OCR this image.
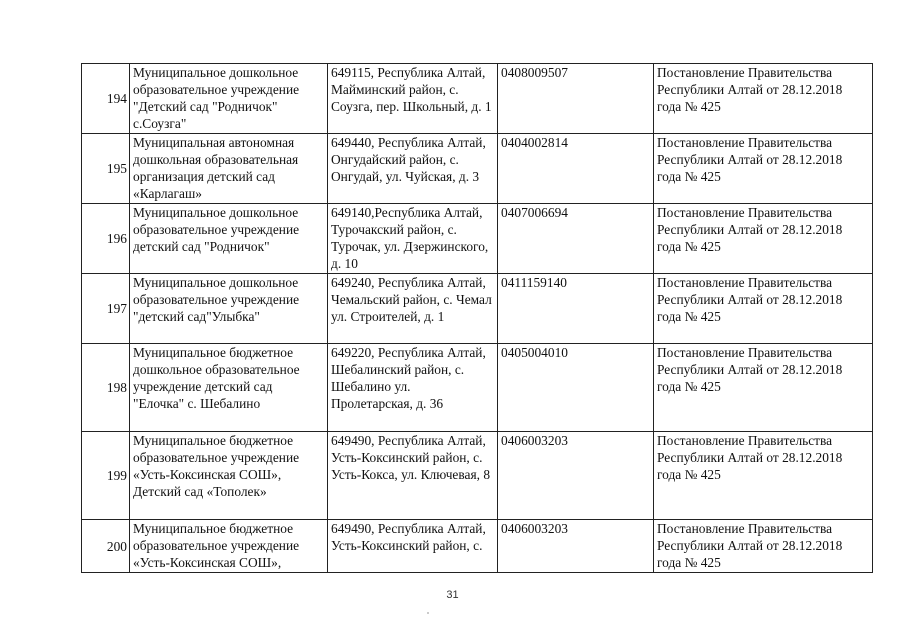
194	Муниципальное дошкольное образовательное учреждение "Детский сад "Родничок" с.Соузга"	649115, Республика Алтай, Майминский район, с. Соузга, пер. Школьный, д. 1	0408009507	Постановление Правительства Республики Алтай от 28.12.2018 года № 425
195	Муниципальная автономная дошкольная образовательная организация детский сад «Карлагаш»	649440, Республика Алтай, Онгудайский район, с. Онгудай, ул. Чуйская, д. 3	0404002814	Постановление Правительства Республики Алтай от 28.12.2018 года № 425
196	Муниципальное дошкольное образовательное учреждение детский сад "Родничок"	649140,Республика Алтай, Турочакский район, с. Турочак, ул. Дзержинского, д. 10	0407006694	Постановление Правительства Республики Алтай от 28.12.2018 года № 425
197	Муниципальное дошкольное образовательное учреждение "детский сад"Улыбка"	649240, Республика Алтай, Чемальский район, с. Чемал ул. Строителей, д. 1	0411159140	Постановление Правительства Республики Алтай от 28.12.2018 года № 425
198	Муниципальное бюджетное дошкольное образовательное учреждение детский сад "Елочка" с. Шебалино	649220, Республика Алтай, Шебалинский район, с. Шебалино ул. Пролетарская, д. 36	0405004010	Постановление Правительства Республики Алтай от 28.12.2018 года № 425
199	Муниципальное бюджетное образовательное учреждение «Усть-Коксинская СОШ», Детский сад «Тополек»	649490, Республика Алтай, Усть-Коксинский район, с. Усть-Кокса, ул. Ключевая, 8	0406003203	Постановление Правительства Республики Алтай от 28.12.2018 года № 425
200	Муниципальное бюджетное образовательное учреждение «Усть-Коксинская СОШ»,	649490, Республика Алтай, Усть-Коксинский район, с.	0406003203	Постановление Правительства Республики Алтай от 28.12.2018 года № 425
31
